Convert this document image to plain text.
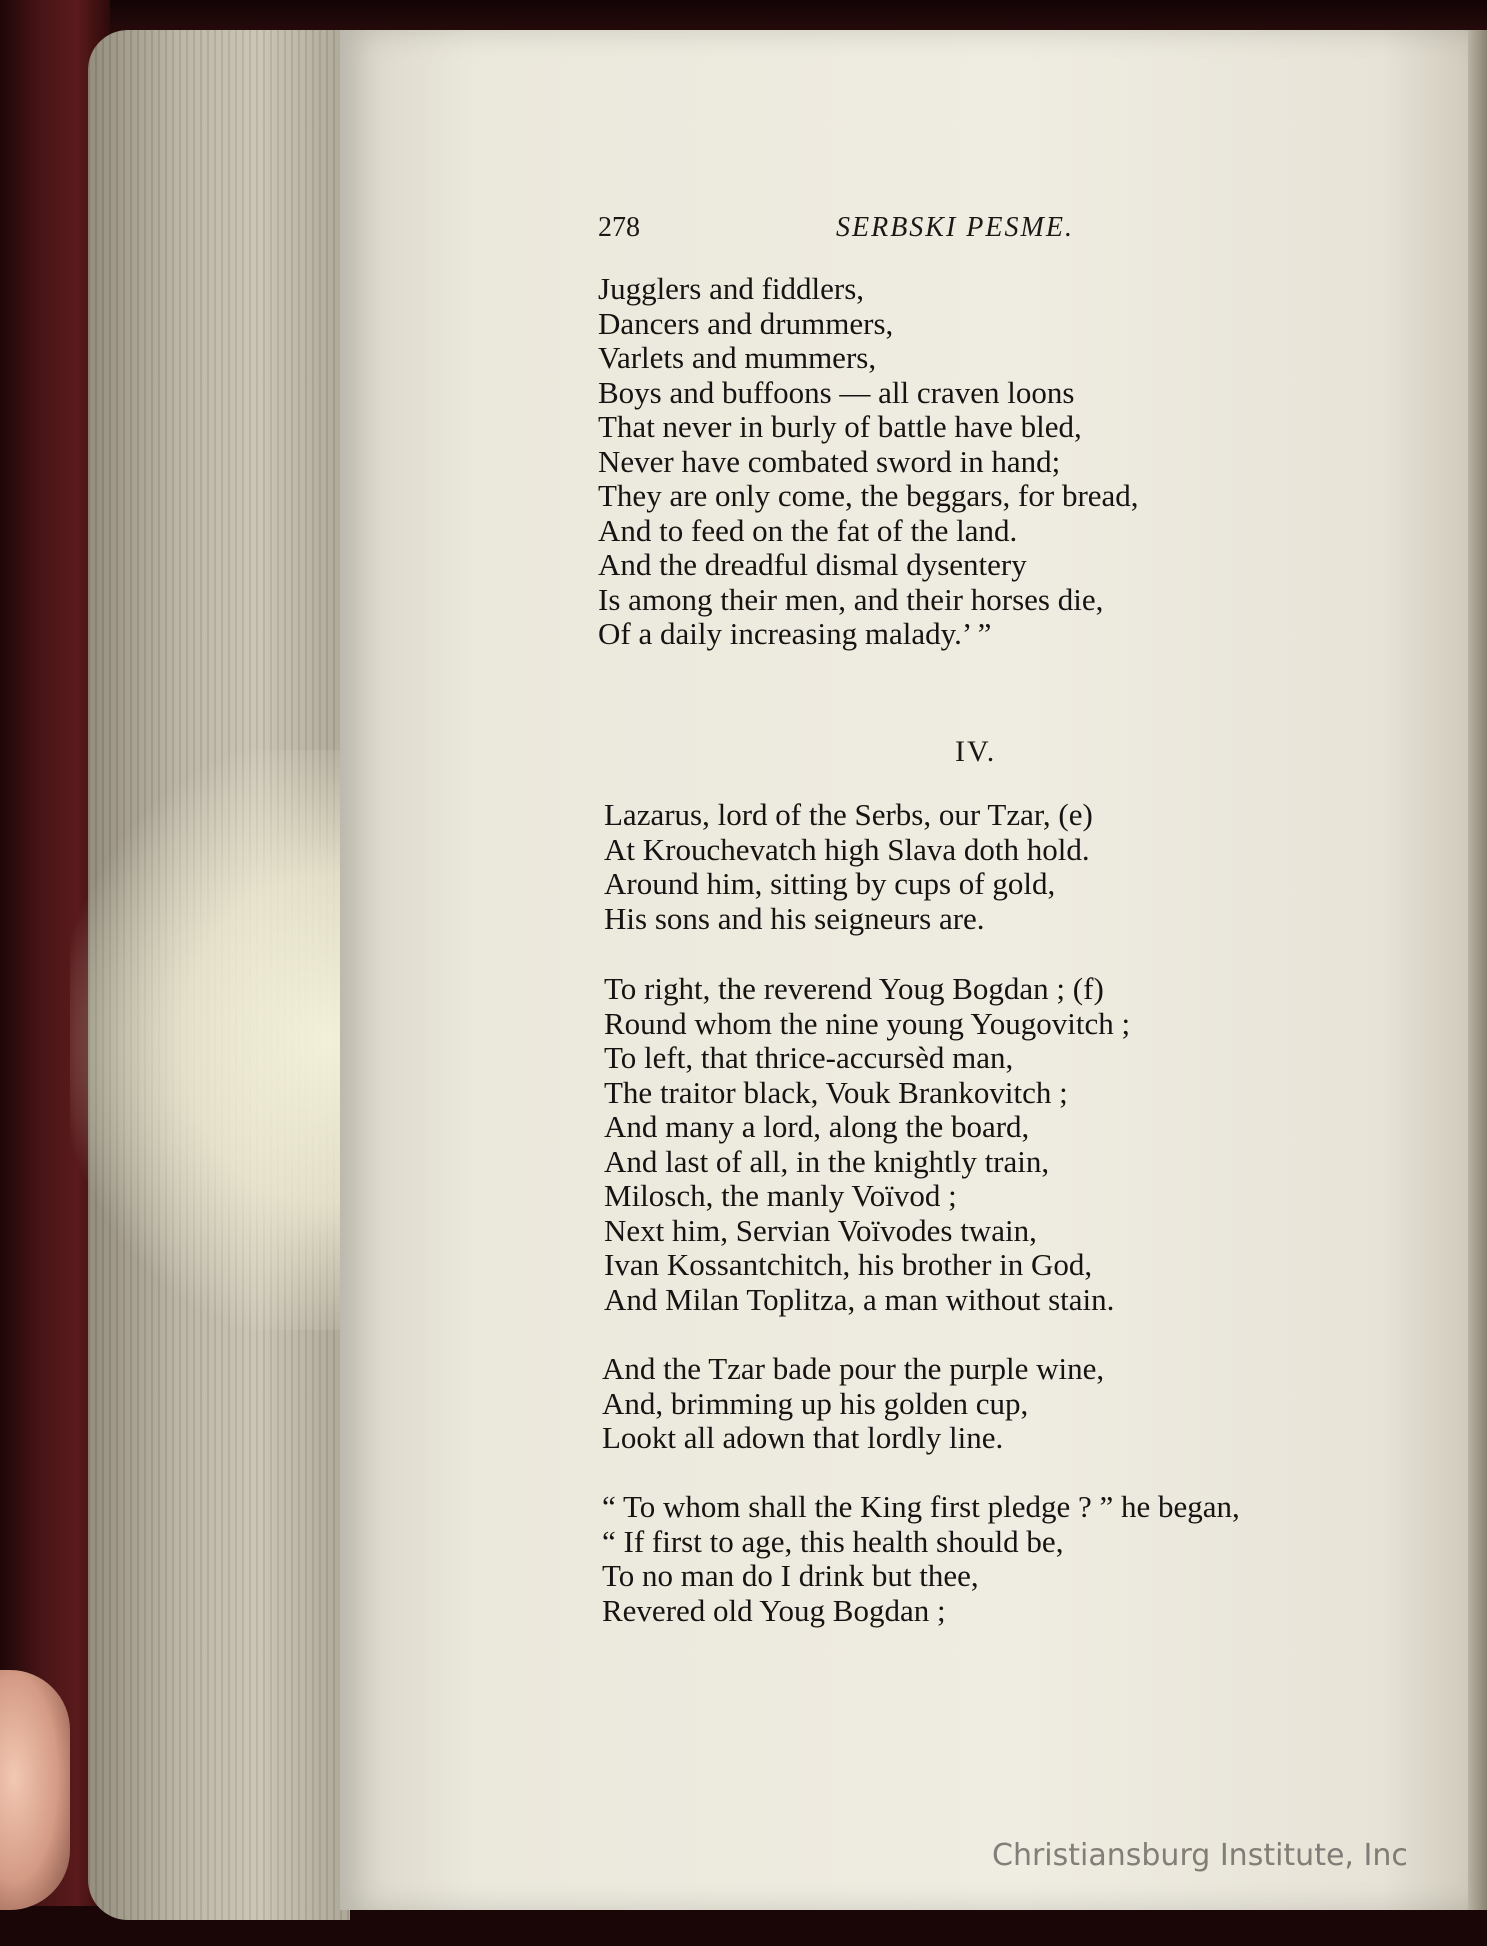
278	SERBSKI PESME.
Jugglers and fiddlers,
Dancers and drummers,
Varlets and mummers,
Boys and buffoons — all craven loons
That never in burly of battle have bled,
Never have combated sword in hand;
They are only come, the beggars, for bread,
And to feed on the fat of the land.
And the dreadful dismal dysentery
Is among their men, and their horses die,
Of a daily increasing malady.’ ”
IV.
Lazarus, lord of the Serbs, our Tzar, (e)
At Krouchevatch high Slava doth hold.
Around him, sitting by cups of gold,
His sons and his seigneurs are.
To right, the reverend Youg Bogdan ; (f)
Round whom the nine young Yougovitch ;
To left, that thrice-accursèd man,
The traitor black, Vouk Brankovitch ;
And many a lord, along the board,
And last of all, in the knightly train,
Milosch, the manly Voïvod ;
Next him, Servian Voïvodes twain,
Ivan Kossantchitch, his brother in God,
And Milan Toplitza, a man without stain.
And the Tzar bade pour the purple wine,
And, brimming up his golden cup,
Lookt all adown that lordly line.
“ To whom shall the King first pledge ? ” he began,
“ If first to age, this health should be,
To no man do I drink but thee,
Revered old Youg Bogdan ;
Christiansburg Institute, Inc
